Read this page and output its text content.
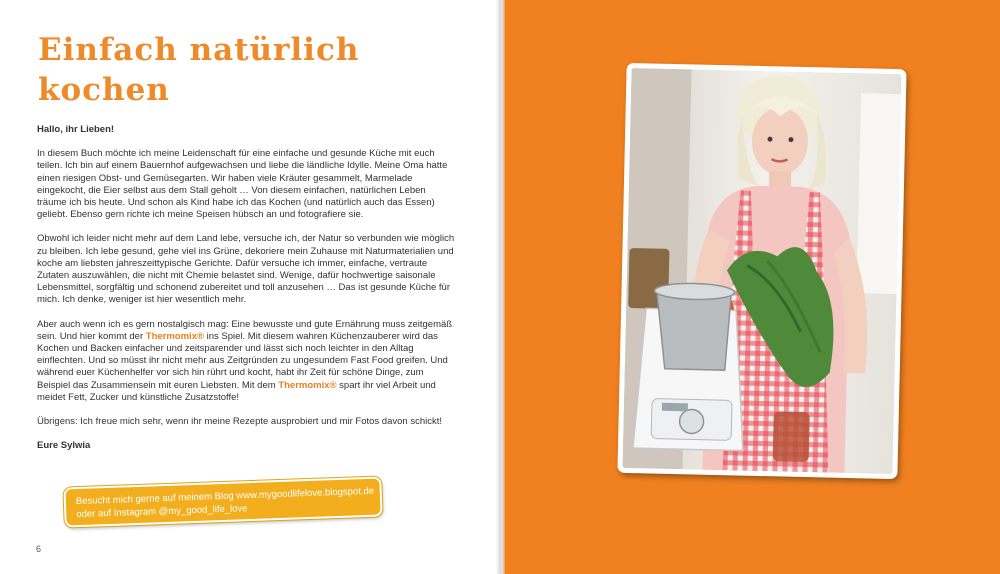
Einfach natürlich
kochen

Hallo, ihr Lieben!

In diesem Buch möchte ich meine Leidenschaft für eine einfache und gesunde Küche mit euch teilen. Ich bin auf einem Bauernhof aufgewachsen und liebe die ländliche Idylle. Meine Oma hatte einen riesigen Obst- und Gemüsegarten. Wir haben viele Kräuter gesammelt, Marmelade eingekocht, die Eier selbst aus dem Stall geholt … Von diesem einfachen, natürlichen Leben träume ich bis heute. Und schon als Kind habe ich das Kochen (und natürlich auch das Essen) geliebt. Ebenso gern richte ich meine Speisen hübsch an und fotografiere sie.

Obwohl ich leider nicht mehr auf dem Land lebe, versuche ich, der Natur so verbunden wie möglich zu bleiben. Ich lebe gesund, gehe viel ins Grüne, dekoriere mein Zuhause mit Naturmaterialien und koche am liebsten jahreszeittypische Gerichte. Dafür versuche ich immer, einfache, vertraute Zutaten auszuwählen, die nicht mit Chemie belastet sind. Wenige, dafür hochwertige saisonale Lebensmittel, sorgfältig und schonend zubereitet und toll anzusehen … Das ist gesunde Küche für mich. Ich denke, weniger ist hier wesentlich mehr.

Aber auch wenn ich es gern nostalgisch mag: Eine bewusste und gute Ernährung muss zeitgemäß sein. Und hier kommt der Thermomix® ins Spiel. Mit diesem wahren Küchenzauberer wird das Kochen und Backen einfacher und zeitsparender und lässt sich noch leichter in den Alltag einflechten. Und so müsst ihr nicht mehr aus Zeitgründen zu ungesundem Fast Food greifen. Und während euer Küchenhelfer vor sich hin rührt und kocht, habt ihr Zeit für schöne Dinge, zum Beispiel das Zusammensein mit euren Liebsten. Mit dem Thermomix® spart ihr viel Arbeit und meidet Fett, Zucker und künstliche Zusatzstoffe!

Übrigens: Ich freue mich sehr, wenn ihr meine Rezepte ausprobiert und mir Fotos davon schickt!

Eure Sylwia

Besucht mich gerne auf meinem Blog www.mygoodlifelove.blogspot.de
oder auf Instagram @my_good_life_love
6
